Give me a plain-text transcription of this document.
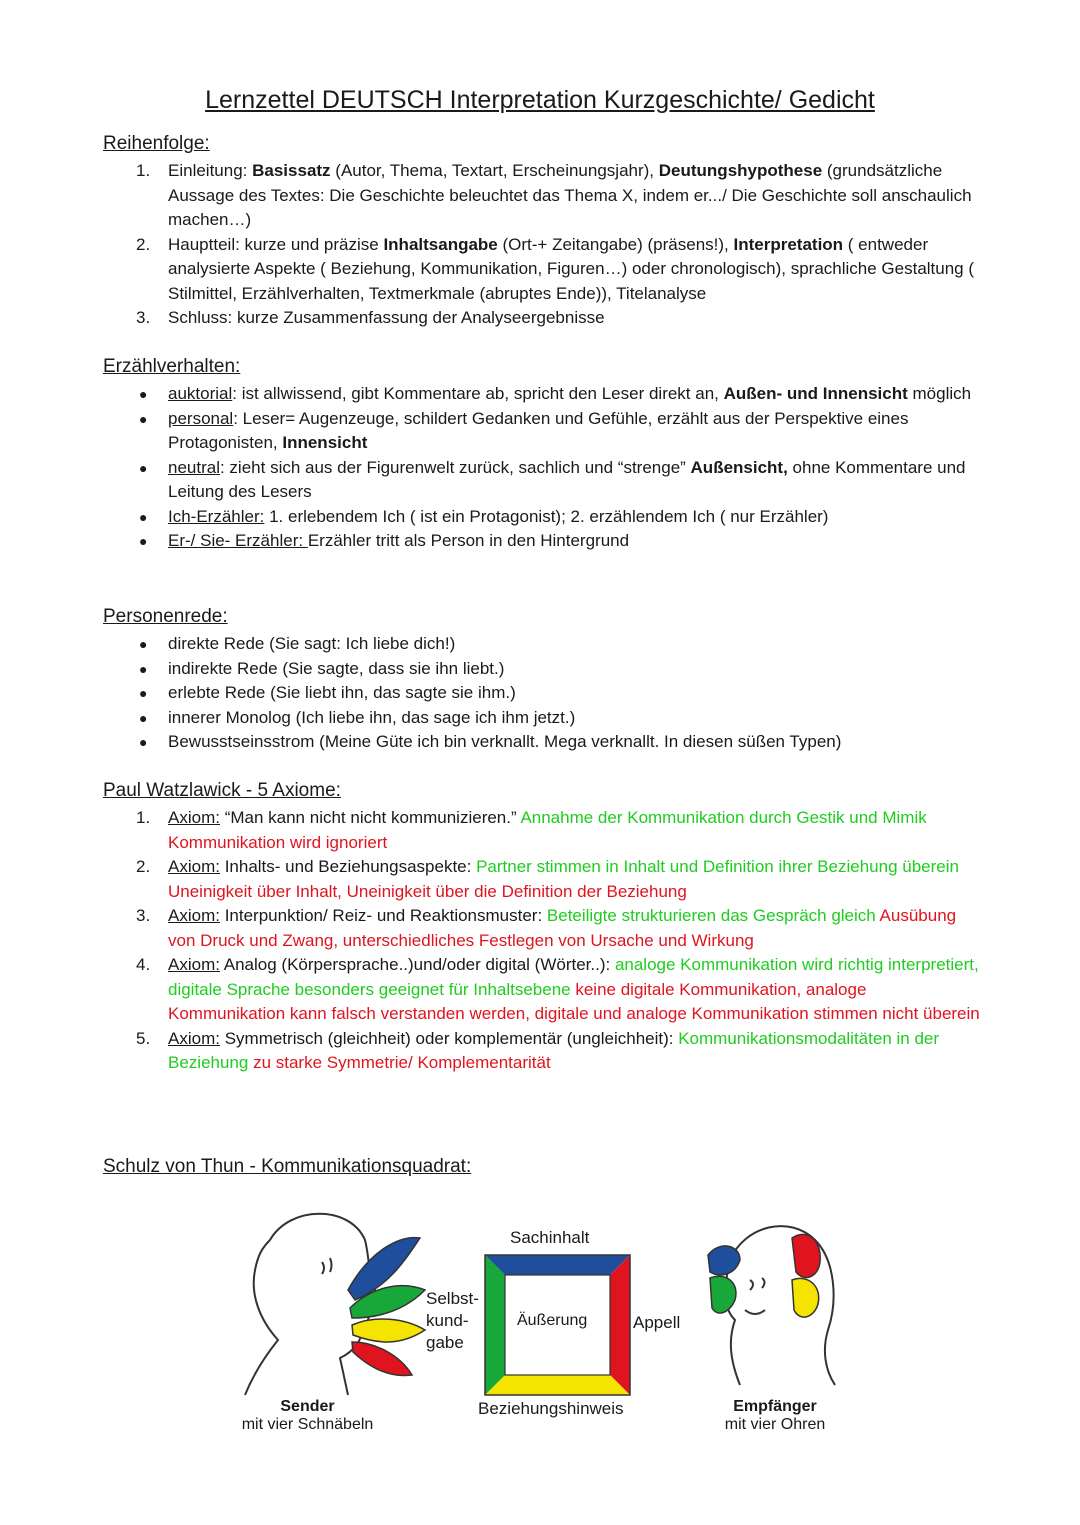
Lernzettel DEUTSCH Interpretation Kurzgeschichte/ Gedicht
Reihenfolge:
1. Einleitung: Basissatz (Autor, Thema, Textart, Erscheinungsjahr), Deutungshypothese (grundsätzliche Aussage des Textes: Die Geschichte beleuchtet das Thema X, indem er.../ Die Geschichte soll anschaulich machen…)
2. Hauptteil: kurze und präzise Inhaltsangabe (Ort-+ Zeitangabe) (präsens!), Interpretation ( entweder analysierte Aspekte ( Beziehung, Kommunikation, Figuren…) oder chronologisch), sprachliche Gestaltung ( Stilmittel, Erzählverhalten, Textmerkmale (abruptes Ende)), Titelanalyse
3. Schluss: kurze Zusammenfassung der Analyseergebnisse
Erzählverhalten:
● auktorial: ist allwissend, gibt Kommentare ab, spricht den Leser direkt an, Außen- und Innensicht möglich
● personal: Leser= Augenzeuge, schildert Gedanken und Gefühle, erzählt aus der Perspektive eines Protagonisten, Innensicht
● neutral: zieht sich aus der Figurenwelt zurück, sachlich und “strenge” Außensicht, ohne Kommentare und Leitung des Lesers
● Ich-Erzähler: 1. erlebendem Ich ( ist ein Protagonist); 2. erzählendem Ich ( nur Erzähler)
● Er-/ Sie- Erzähler: Erzähler tritt als Person in den Hintergrund
Personenrede:
● direkte Rede (Sie sagt: Ich liebe dich!)
● indirekte Rede (Sie sagte, dass sie ihn liebt.)
● erlebte Rede (Sie liebt ihn, das sagte sie ihm.)
● innerer Monolog (Ich liebe ihn, das sage ich ihm jetzt.)
● Bewusstseinsstrom (Meine Güte ich bin verknallt. Mega verknallt. In diesen süßen Typen)
Paul Watzlawick - 5 Axiome:
1. Axiom: “Man kann nicht nicht kommunizieren.” Annahme der Kommunikation durch Gestik und Mimik Kommunikation wird ignoriert
2. Axiom: Inhalts- und Beziehungsaspekte: Partner stimmen in Inhalt und Definition ihrer Beziehung überein Uneinigkeit über Inhalt, Uneinigkeit über die Definition der Beziehung
3. Axiom: Interpunktion/ Reiz- und Reaktionsmuster: Beteiligte strukturieren das Gespräch gleich Ausübung von Druck und Zwang, unterschiedliches Festlegen von Ursache und Wirkung
4. Axiom: Analog (Körpersprache..)und/oder digital (Wörter..): analoge Kommunikation wird richtig interpretiert, digitale Sprache besonders geeignet für Inhaltsebene keine digitale Kommunikation, analoge Kommunikation kann falsch verstanden werden, digitale und analoge Kommunikation stimmen nicht überein
5. Axiom: Symmetrisch (gleichheit) oder komplementär (ungleichheit): Kommunikationsmodalitäten in der Beziehung zu starke Symmetrie/ Komplementarität
Schulz von Thun - Kommunikationsquadrat:
Sachinhalt
Selbst-
kund-
gabe
Äußerung	Appell
Beziehungshinweis
Sender
mit vier Schnäbeln
Empfänger
mit vier Ohren
